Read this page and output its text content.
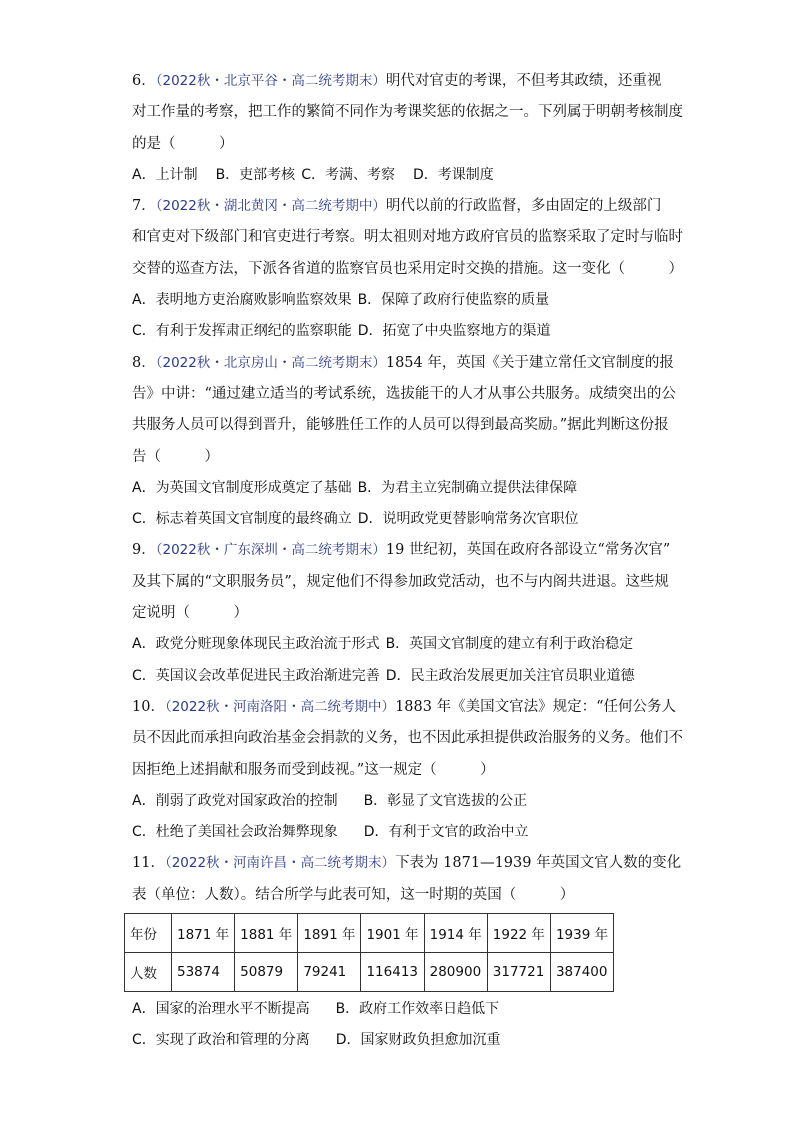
6．（2022秋・北京平谷・高二统考期末）明代对官吏的考课，不但考其政绩，还重视
对工作量的考察，把工作的繁简不同作为考课奖惩的依据之一。下列属于明朝考核制度
的是（　　　）
A．上计制 B．吏部考核 C．考满、考察 D．考课制度
7．（2022秋・湖北黄冈・高二统考期中）明代以前的行政监督，多由固定的上级部门
和官吏对下级部门和官吏进行考察。明太祖则对地方政府官员的监察采取了定时与临时
交替的巡查方法，下派各省道的监察官员也采用定时交换的措施。这一变化（　　　）
A．表明地方吏治腐败影响监察效果 B．保障了政府行使监察的质量
C．有利于发挥肃正纲纪的监察职能 D．拓宽了中央监察地方的渠道
8．（2022秋・北京房山・高二统考期末）1854 年，英国《关于建立常任文官制度的报
告》中讲：“通过建立适当的考试系统，选拔能干的人才从事公共服务。成绩突出的公
共服务人员可以得到晋升，能够胜任工作的人员可以得到最高奖励。”据此判断这份报
告（　　　）
A．为英国文官制度形成奠定了基础 B．为君主立宪制确立提供法律保障
C．标志着英国文官制度的最终确立 D．说明政党更替影响常务次官职位
9．（2022秋・广东深圳・高二统考期末）19 世纪初，英国在政府各部设立“常务次官”
及其下属的“文职服务员”，规定他们不得参加政党活动，也不与内阁共进退。这些规
定说明（　　　）
A．政党分赃现象体现民主政治流于形式 B．英国文官制度的建立有利于政治稳定
C．英国议会改革促进民主政治渐进完善 D．民主政治发展更加关注官员职业道德
10．（2022秋・河南洛阳・高二统考期中）1883 年《美国文官法》规定：“任何公务人
员不因此而承担向政治基金会捐款的义务，也不因此承担提供政治服务的义务。他们不
因拒绝上述捐献和服务而受到歧视。”这一规定（　　　）
A．削弱了政党对国家政治的控制 B．彰显了文官选拔的公正
C．杜绝了美国社会政治舞弊现象 D．有利于文官的政治中立
11．（2022秋・河南许昌・高二统考期末）下表为 1871—1939 年英国文官人数的变化
表（单位：人数）。结合所学与此表可知，这一时期的英国（　　　）
年份	1871 年	1881 年	1891 年	1901 年	1914 年	1922 年	1939 年
人数	53874	50879	79241	116413	280900	317721	387400
A．国家的治理水平不断提高 B．政府工作效率日趋低下
C．实现了政治和管理的分离 D．国家财政负担愈加沉重
